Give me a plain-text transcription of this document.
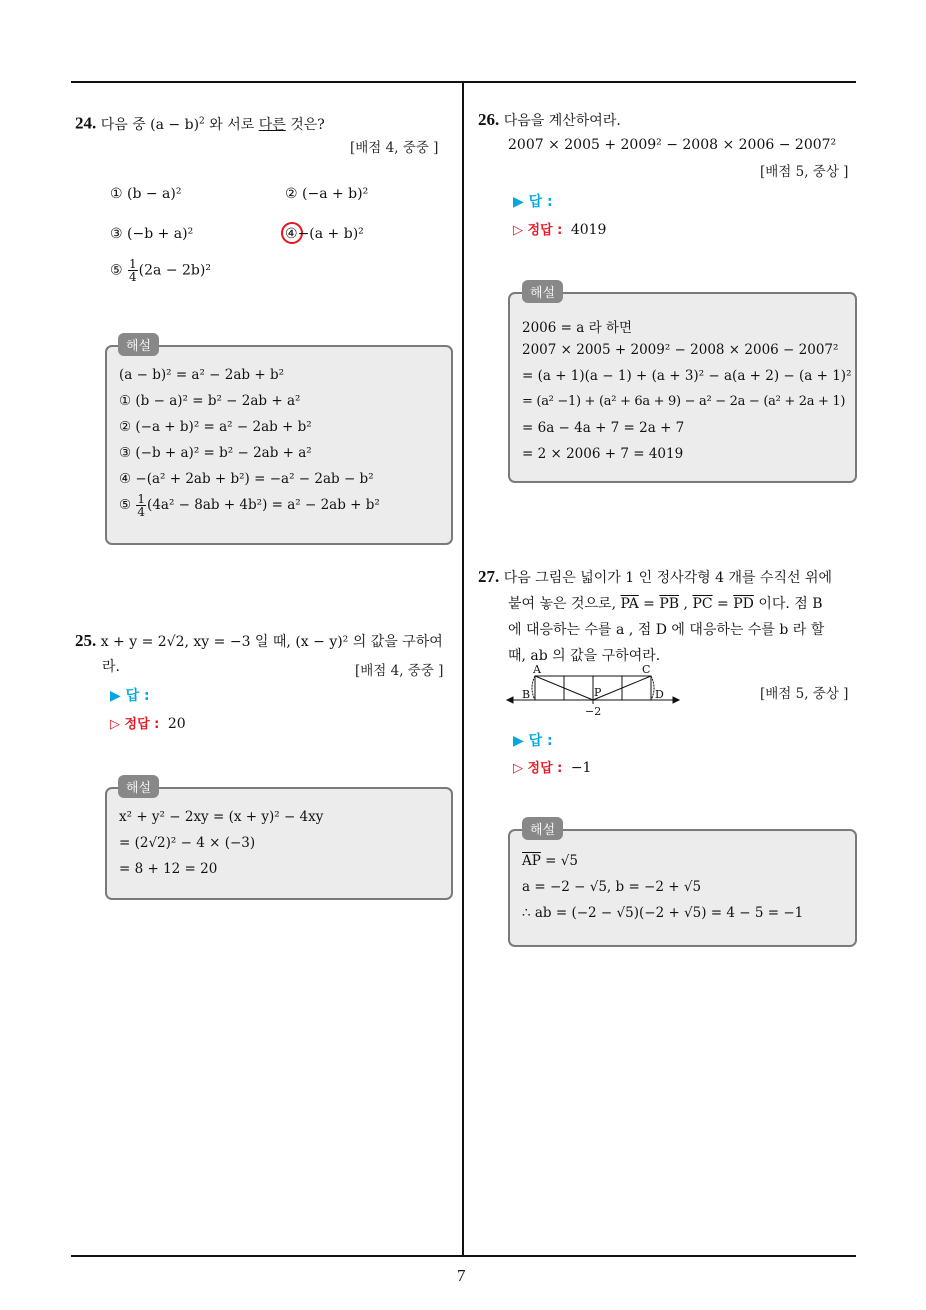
7
24. 다음 중 $(a - b)^2$ 와 서로 다른 것은?
[배점 4, 중중 ]
① (b − a)²	② (−a + b)²
③ (−b + a)²	④−(a + b)²
⑤ $\frac{1}{4} (2a - 2b)^2$
(a − b)² = a² − 2ab + b²
① (b − a)² = b² − 2ab + a²
② (−a + b)² = a² − 2ab + b²
③ (−b + a)² = b² − 2ab + a²
④ −(a² + 2ab + b²) = −a² − 2ab − b²
⑤ $\frac{1}{4} (4a^2 - 8ab + 4b^2) = a^2 - 2ab + b^2$
해설
25. x + y = 2√2, xy = −3 일 때, (x − y)² 의 값을 구하여
라.	[배점 4, 중중 ]
▶ 답 :
▷ 정답 : 20
x² + y² − 2xy = (x + y)² − 4xy
= (2√2)² − 4 × (−3)
= 8 + 12 = 20
해설
26. 다음을 계산하여라.
2007 × 2005 + 2009² − 2008 × 2006 − 2007²
[배점 5, 중상 ]
▶ 답 :
▷ 정답 : 4019
2006 = a 라 하면
2007 × 2005 + 2009² − 2008 × 2006 − 2007²
= (a + 1)(a − 1) + (a + 3)² − a(a + 2) − (a + 1)²
= (a² −1) + (a² + 6a + 9) − a² − 2a − (a² + 2a + 1)
= 6a − 4a + 7 = 2a + 7
= 2 × 2006 + 7 = 4019
해설
27. 다음 그림은 넓이가 1 인 정사각형 4 개를 수직선 위에
붙여 놓은 것으로, $\overline{PA} = \overline{PB}$ , $\overline{PC} = \overline{PD}$ 이다. 점 B
에 대응하는 수를 a , 점 D 에 대응하는 수를 b 라 할
때, ab 의 값을 구하여라.
A	C
B	P	D
−2
[배점 5, 중상 ]
▶ 답 :
▷ 정답 : −1
$\overline{AP} = √5$
a = −2 − √5, b = −2 + √5
∴ ab = (−2 − √5)(−2 + √5) = 4 − 5 = −1
해설
